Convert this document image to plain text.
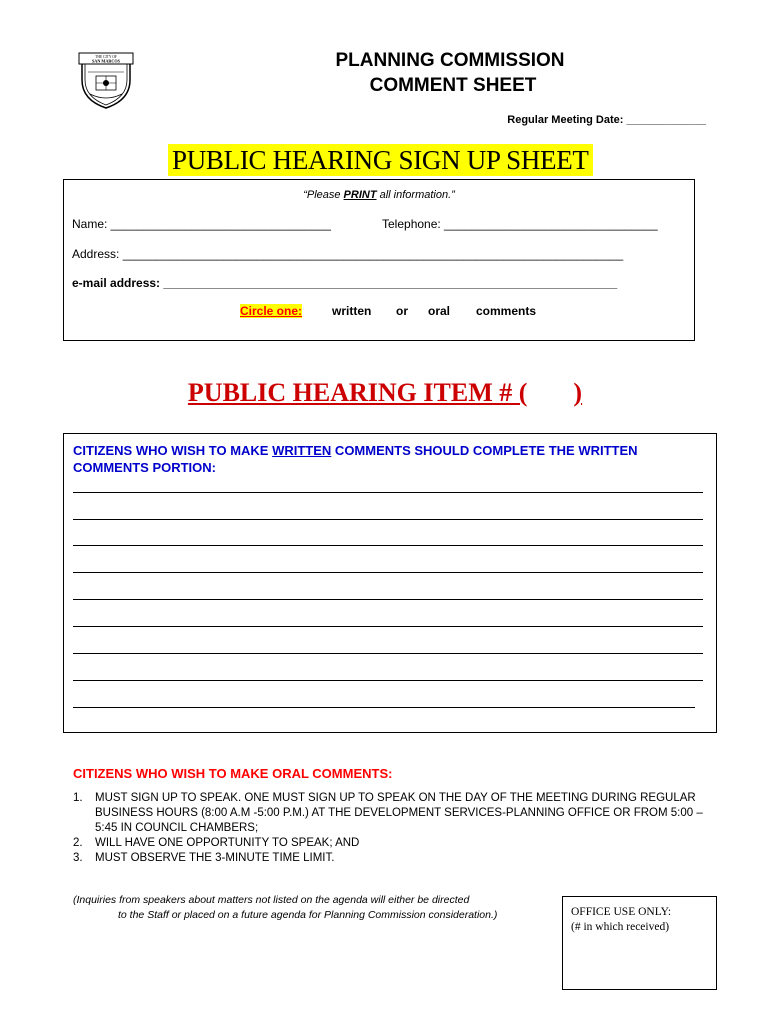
THE CITY OF
SAN MARCOS	PLANNING COMMISSION
COMMENT SHEET
Regular Meeting Date: _____________
PUBLIC HEARING SIGN UP SHEET
“Please PRINT all information.”
Name: _________________________________	Telephone: ________________________________
Address: ___________________________________________________________________________
e-mail address: ____________________________________________________________________
Circle one: written or oral comments
PUBLIC HEARING ITEM # ( )
CITIZENS WHO WISH TO MAKE WRITTEN COMMENTS SHOULD COMPLETE THE WRITTEN COMMENTS PORTION:
CITIZENS WHO WISH TO MAKE ORAL COMMENTS:
1. MUST SIGN UP TO SPEAK. ONE MUST SIGN UP TO SPEAK ON THE DAY OF THE MEETING DURING REGULAR BUSINESS HOURS (8:00 A.M -5:00 P.M.) AT THE DEVELOPMENT SERVICES-PLANNING OFFICE OR FROM 5:00 – 5:45 IN COUNCIL CHAMBERS;
2. WILL HAVE ONE OPPORTUNITY TO SPEAK; AND
3. MUST OBSERVE THE 3-MINUTE TIME LIMIT.
(Inquiries from speakers about matters not listed on the agenda will either be directed
to the Staff or placed on a future agenda for Planning Commission consideration.)	OFFICE USE ONLY:
(# in which received)
